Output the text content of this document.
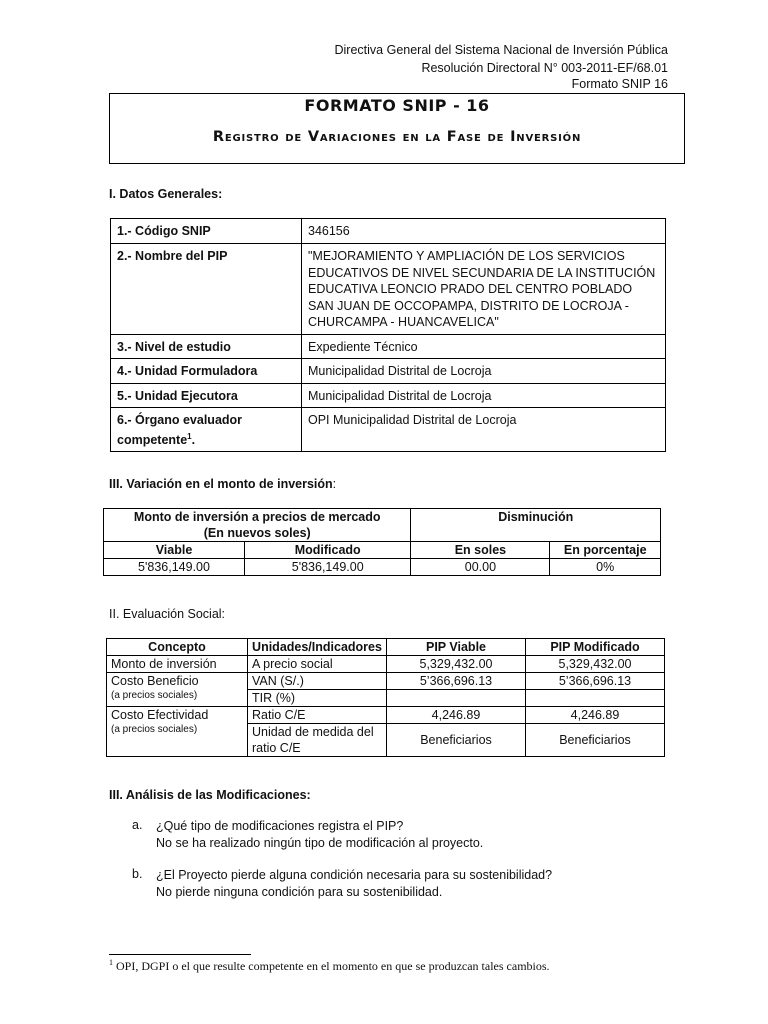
Directiva General del Sistema Nacional de Inversión Pública
Resolución Directoral N° 003-2011-EF/68.01
Formato SNIP 16
FORMATO SNIP - 16
Registro de Variaciones en la Fase de Inversión
I. Datos Generales:
1.- Código SNIP	346156
2.- Nombre del PIP	"MEJORAMIENTO Y AMPLIACIÓN DE LOS SERVICIOS EDUCATIVOS DE NIVEL SECUNDARIA DE LA INSTITUCIÓN EDUCATIVA LEONCIO PRADO DEL CENTRO POBLADO SAN JUAN DE OCCOPAMPA, DISTRITO DE LOCROJA - CHURCAMPA - HUANCAVELICA"
3.- Nivel de estudio	Expediente Técnico
4.- Unidad Formuladora	Municipalidad Distrital de Locroja
5.- Unidad Ejecutora	Municipalidad Distrital de Locroja
6.- Órgano evaluador competente$^1$.	OPI Municipalidad Distrital de Locroja
III. Variación en el monto de inversión:
Monto de inversión a precios de mercado
(En nuevos soles)		Disminución	
Viable	Modificado	En soles	En porcentaje
5'836,149.00	5'836,149.00	00.00	0%
II. Evaluación Social:
Concepto	Unidades/Indicadores	PIP Viable	PIP Modificado
Monto de inversión	A precio social	5,329,432.00	5,329,432.00

Costo Beneficio
(a precios sociales)	VAN (S/.)	5’366,696.13	5’366,696.13
	TIR (%)		

Costo Efectividad
(a precios sociales)	Ratio C/E	4,246.89	4,246.89
	Unidad de medida del ratio C/E	Beneficiarios	Beneficiarios
III. Análisis de las Modificaciones:
a. ¿Qué tipo de modificaciones registra el PIP?
No se ha realizado ningún tipo de modificación al proyecto.
b. ¿El Proyecto pierde alguna condición necesaria para su sostenibilidad?
No pierde ninguna condición para su sostenibilidad.
$^1$ OPI, DGPI o el que resulte competente en el momento en que se produzcan tales cambios.
